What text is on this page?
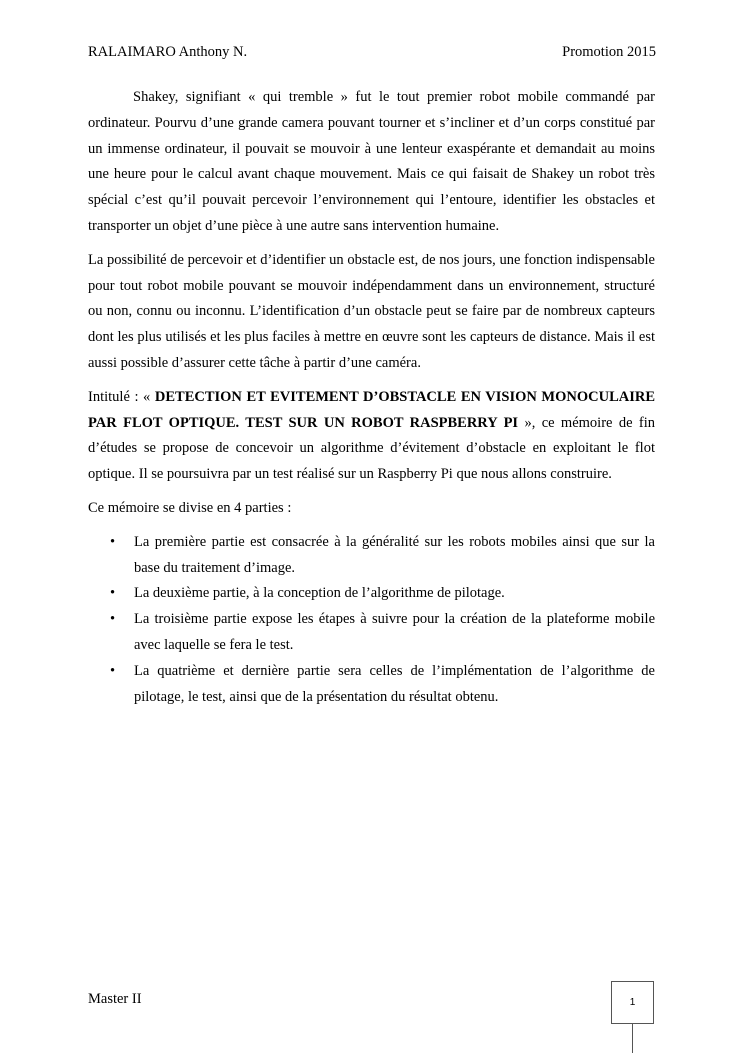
RALAIMARO Anthony N.	Promotion 2015

Shakey, signifiant « qui tremble » fut le tout premier robot mobile commandé par ordinateur. Pourvu d’une grande camera pouvant tourner et s’incliner et d’un corps constitué par un immense ordinateur, il pouvait se mouvoir à une lenteur exaspérante et demandait au moins une heure pour le calcul avant chaque mouvement. Mais ce qui faisait de Shakey un robot très spécial c’est qu’il pouvait percevoir l’environnement qui l’entoure, identifier les obstacles et transporter un objet d’une pièce à une autre sans intervention humaine.

La possibilité de percevoir et d’identifier un obstacle est, de nos jours, une fonction indispensable pour tout robot mobile pouvant se mouvoir indépendamment dans un environnement, structuré ou non, connu ou inconnu. L’identification d’un obstacle peut se faire par de nombreux capteurs dont les plus utilisés et les plus faciles à mettre en œuvre sont les capteurs de distance. Mais il est aussi possible d’assurer cette tâche à partir d’une caméra.

Intitulé : « DETECTION ET EVITEMENT D’OBSTACLE EN VISION MONOCULAIRE PAR FLOT OPTIQUE. TEST SUR UN ROBOT RASPBERRY PI », ce mémoire de fin d’études se propose de concevoir un algorithme d’évitement d’obstacle en exploitant le flot optique. Il se poursuivra par un test réalisé sur un Raspberry Pi que nous allons construire.

Ce mémoire se divise en 4 parties :

• La première partie est consacrée à la généralité sur les robots mobiles ainsi que sur la base du traitement d’image.
• La deuxième partie, à la conception de l’algorithme de pilotage.
• La troisième partie expose les étapes à suivre pour la création de la plateforme mobile avec laquelle se fera le test.
• La quatrième et dernière partie sera celles de l’implémentation de l’algorithme de pilotage, le test, ainsi que de la présentation du résultat obtenu.
Master II	1
